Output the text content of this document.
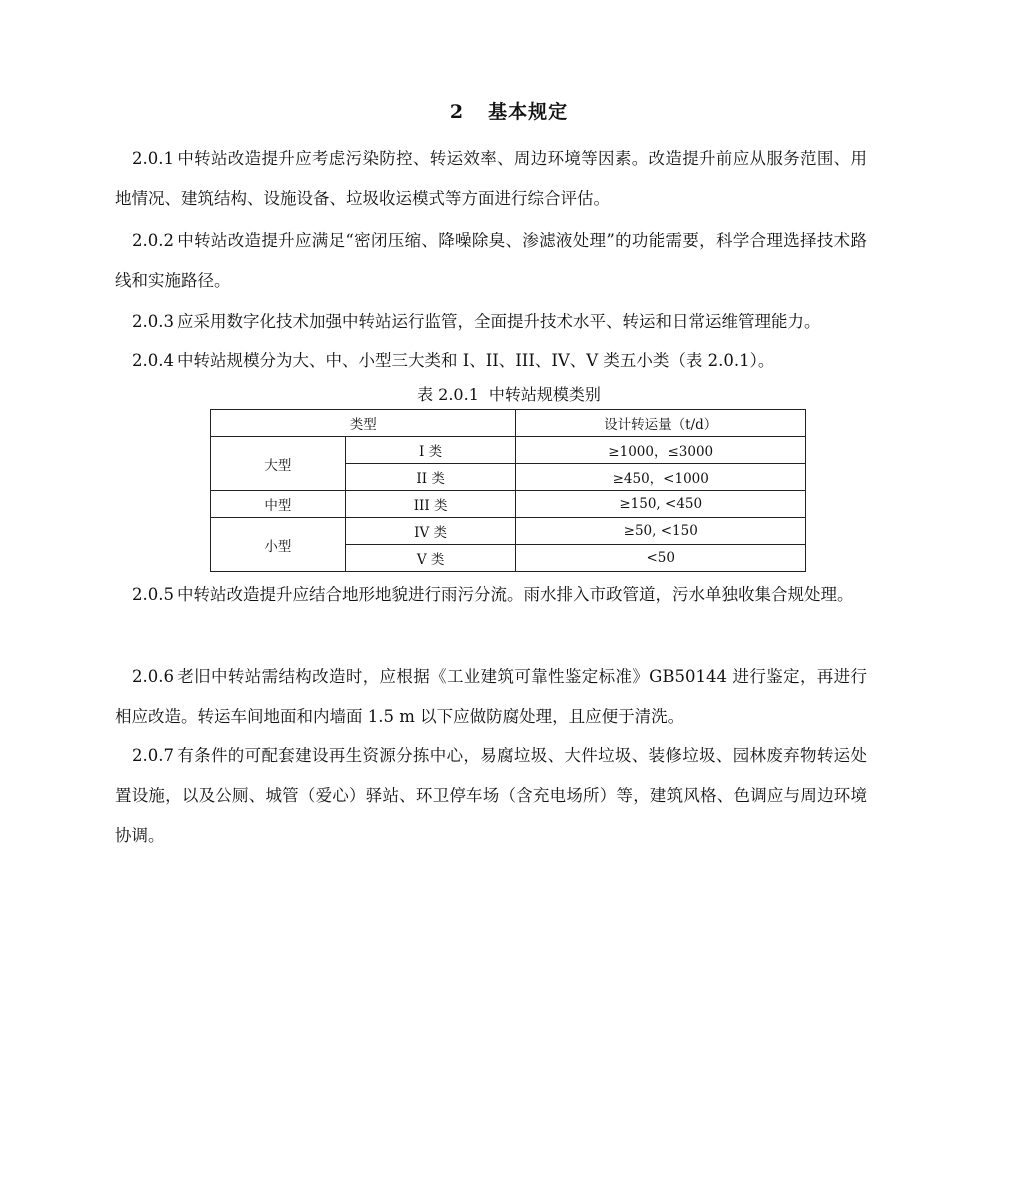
2 基本规定

2.0.1 中转站改造提升应考虑污染防控、转运效率、周边环境等因素。改造提升前应从服务范围、用地情况、建筑结构、设施设备、垃圾收运模式等方面进行综合评估。

2.0.2 中转站改造提升应满足“密闭压缩、降噪除臭、渗滤液处理”的功能需要，科学合理选择技术路线和实施路径。

2.0.3 应采用数字化技术加强中转站运行监管，全面提升技术水平、转运和日常运维管理能力。

2.0.4 中转站规模分为大、中、小型三大类和 I、II、III、IV、V 类五小类（表 2.0.1）。

表 2.0.1 中转站规模类别
类型		设计转运量（t/d）
大型	I 类	≥1000，≤3000
	II 类	≥450，<1000
中型	III 类	≥150, <450
小型	IV 类	≥50, <150
	V 类	<50

2.0.5 中转站改造提升应结合地形地貌进行雨污分流。雨水排入市政管道，污水单独收集合规处理。

2.0.6 老旧中转站需结构改造时，应根据《工业建筑可靠性鉴定标准》GB50144 进行鉴定，再进行相应改造。转运车间地面和内墙面 1.5 m 以下应做防腐处理，且应便于清洗。

2.0.7 有条件的可配套建设再生资源分拣中心，易腐垃圾、大件垃圾、装修垃圾、园林废弃物转运处置设施，以及公厕、城管（爱心）驿站、环卫停车场（含充电场所）等，建筑风格、色调应与周边环境协调。
